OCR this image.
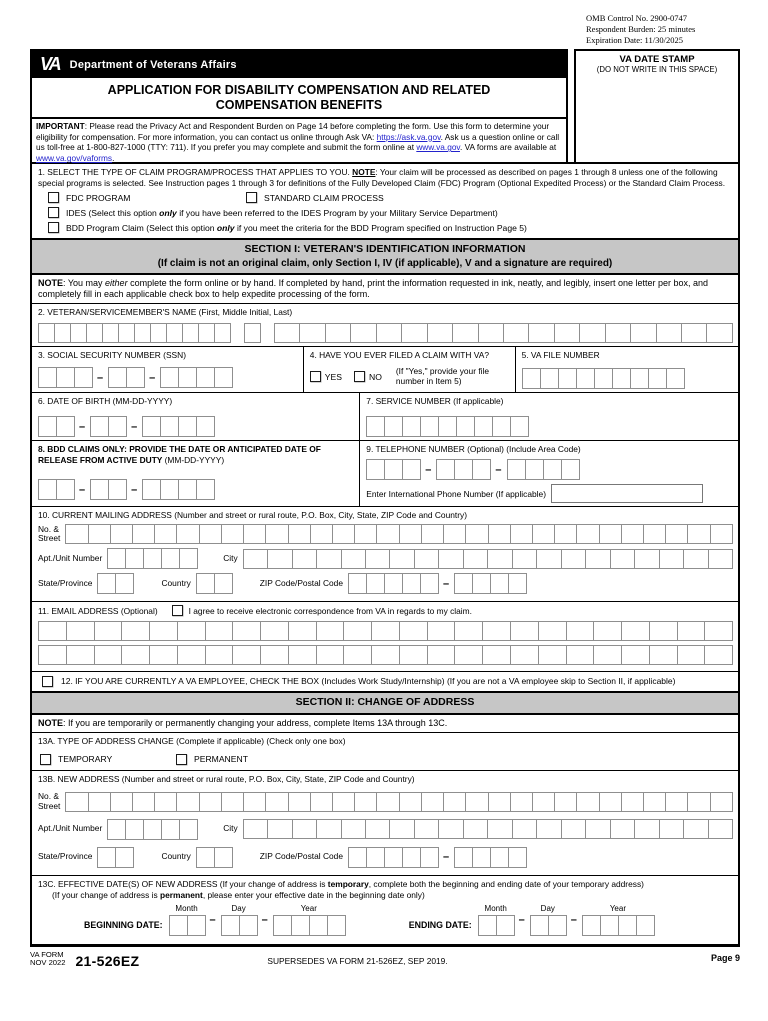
OMB Control No. 2900-0747
Respondent Burden: 25 minutes
Expiration Date: 11/30/2025
VA Department of Veterans Affairs
APPLICATION FOR DISABILITY COMPENSATION AND RELATED
COMPENSATION BENEFITS
IMPORTANT: Please read the Privacy Act and Respondent Burden on Page 14 before completing the form. Use this form to determine your eligibility for compensation. For more information, you can contact us online through Ask VA: https://ask.va.gov. Ask us a question online or call us toll-free at 1-800-827-1000 (TTY: 711). If you prefer you may complete and submit the form online at www.va.gov. VA forms are available at www.va.gov/vaforms.
VA DATE STAMP
(DO NOT WRITE IN THIS SPACE)
1. SELECT THE TYPE OF CLAIM PROGRAM/PROCESS THAT APPLIES TO YOU. NOTE: Your claim will be processed as described on pages 1 through 8 unless one of the following special programs is selected. See Instruction pages 1 through 3 for definitions of the Fully Developed Claim (FDC) Program (Optional Expedited Process) or the Standard Claim Process.
FDC PROGRAM	STANDARD CLAIM PROCESS
IDES (Select this option only if you have been referred to the IDES Program by your Military Service Department)
BDD Program Claim (Select this option only if you meet the criteria for the BDD Program specified on Instruction Page 5)
SECTION I: VETERAN'S IDENTIFICATION INFORMATION
(If claim is not an original claim, only Section I, IV (if applicable), V and a signature are required)
NOTE: You may either complete the form online or by hand. If completed by hand, print the information requested in ink, neatly, and legibly, insert one letter per box, and completely fill in each applicable check box to help expedite processing of the form.
2. VETERAN/SERVICEMEMBER'S NAME (First, Middle Initial, Last)
3. SOCIAL SECURITY NUMBER (SSN)
–	–
4. HAVE YOU EVER FILED A CLAIM WITH VA?
YES	NO
(If "Yes," provide your file number in Item 5)
5. VA FILE NUMBER
6. DATE OF BIRTH (MM-DD-YYYY)
–	–
7. SERVICE NUMBER (If applicable)
8. BDD CLAIMS ONLY: PROVIDE THE DATE OR ANTICIPATED DATE OF RELEASE FROM ACTIVE DUTY (MM-DD-YYYY)
–	–
9. TELEPHONE NUMBER (Optional) (Include Area Code)
–	–
Enter International Phone Number (If applicable)
10. CURRENT MAILING ADDRESS (Number and street or rural route, P.O. Box, City, State, ZIP Code and Country)
No. &
Street
Apt./Unit Number	City
State/Province	Country	ZIP Code/Postal Code	–
11. EMAIL ADDRESS (Optional)	I agree to receive electronic correspondence from VA in regards to my claim.
12. IF YOU ARE CURRENTLY A VA EMPLOYEE, CHECK THE BOX (Includes Work Study/Internship) (If you are not a VA employee skip to Section II, if applicable)
SECTION II: CHANGE OF ADDRESS
NOTE: If you are temporarily or permanently changing your address, complete Items 13A through 13C.
13A. TYPE OF ADDRESS CHANGE (Complete if applicable) (Check only one box)
TEMPORARY	PERMANENT
13B. NEW ADDRESS (Number and street or rural route, P.O. Box, City, State, ZIP Code and Country)
No. &
Street
Apt./Unit Number	City
State/Province	Country	ZIP Code/Postal Code	–
13C. EFFECTIVE DATE(S) OF NEW ADDRESS (If your change of address is temporary, complete both the beginning and ending date of your temporary address)
(If your change of address is permanent, please enter your effective date in the beginning date only)
BEGINNING DATE:
Month
–
Day
–
Year
ENDING DATE:
Month
–
Day
–
Year
VA FORM
NOV 2022 21-526EZ	SUPERSEDES VA FORM 21-526EZ, SEP 2019.	Page 9
